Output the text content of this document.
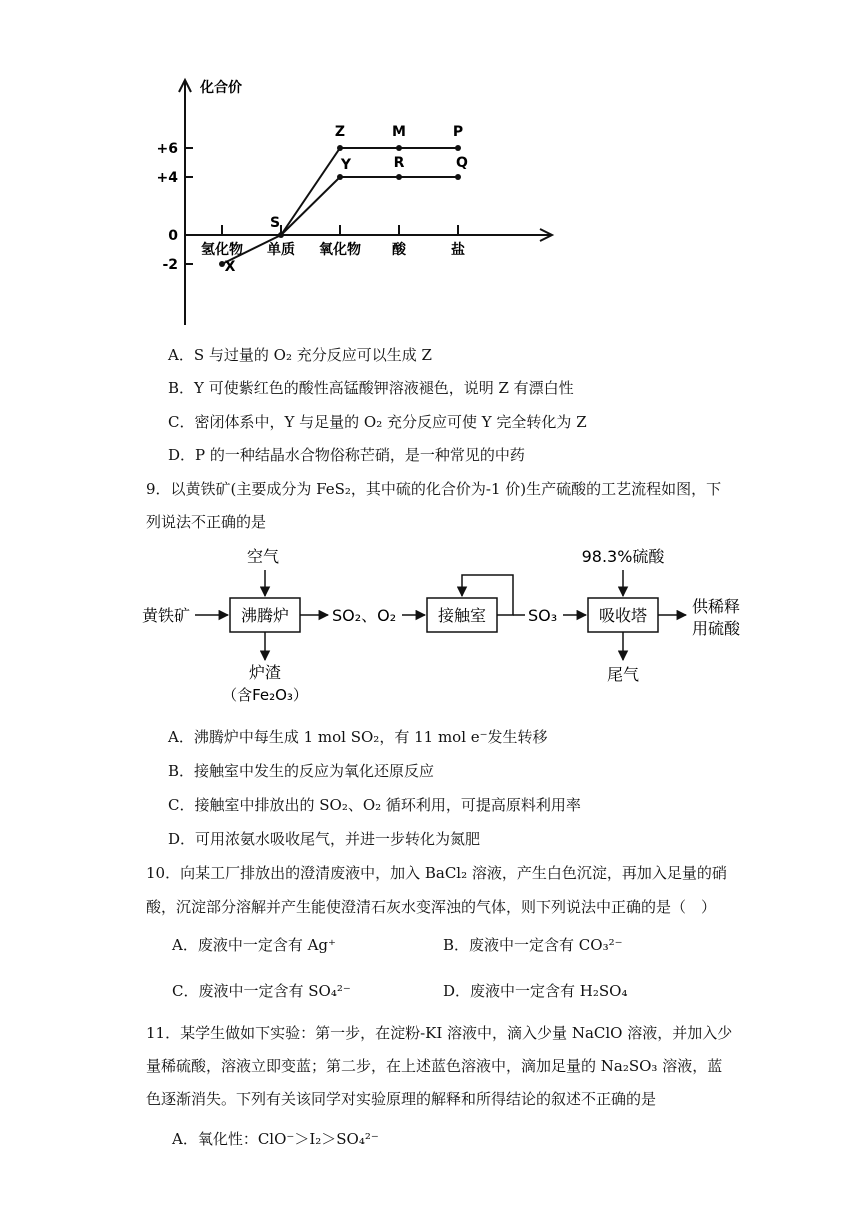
+6
+4
0
-2
氢化物 单质 氧化物 酸	盐
X
S
Z	M	P
Y	R	Q
化合价
A．S 与过量的 O₂ 充分反应可以生成 Z
B．Y 可使紫红色的酸性高锰酸钾溶液褪色，说明 Z 有漂白性
C．密闭体系中，Y 与足量的 O₂ 充分反应可使 Y 完全转化为 Z
D．P 的一种结晶水合物俗称芒硝，是一种常见的中药
9．以黄铁矿(主要成分为 FeS₂，其中硫的化合价为-1 价)生产硫酸的工艺流程如图，下
列说法不正确的是
黄铁矿
空气
沸腾炉	SO₂、O₂
炉渣
（含Fe₂O₃）
接触室	SO₃
98.3%硫酸
吸收塔
尾气
供稀释
用硫酸
A．沸腾炉中每生成 1 mol SO₂，有 11 mol e⁻发生转移
B．接触室中发生的反应为氧化还原反应
C．接触室中排放出的 SO₂、O₂ 循环利用，可提高原料利用率
D．可用浓氨水吸收尾气，并进一步转化为氮肥
10．向某工厂排放出的澄清废液中，加入 BaCl₂ 溶液，产生白色沉淀，再加入足量的硝
酸，沉淀部分溶解并产生能使澄清石灰水变浑浊的气体，则下列说法中正确的是（　）
A．废液中一定含有 Ag⁺	B．废液中一定含有 CO₃²⁻
C．废液中一定含有 SO₄²⁻	D．废液中一定含有 H₂SO₄
11．某学生做如下实验：第一步，在淀粉-KI 溶液中，滴入少量 NaClO 溶液，并加入少
量稀硫酸，溶液立即变蓝；第二步，在上述蓝色溶液中，滴加足量的 Na₂SO₃ 溶液，蓝
色逐渐消失。下列有关该同学对实验原理的解释和所得结论的叙述不正确的是
A．氧化性：ClO⁻＞I₂＞SO₄²⁻
